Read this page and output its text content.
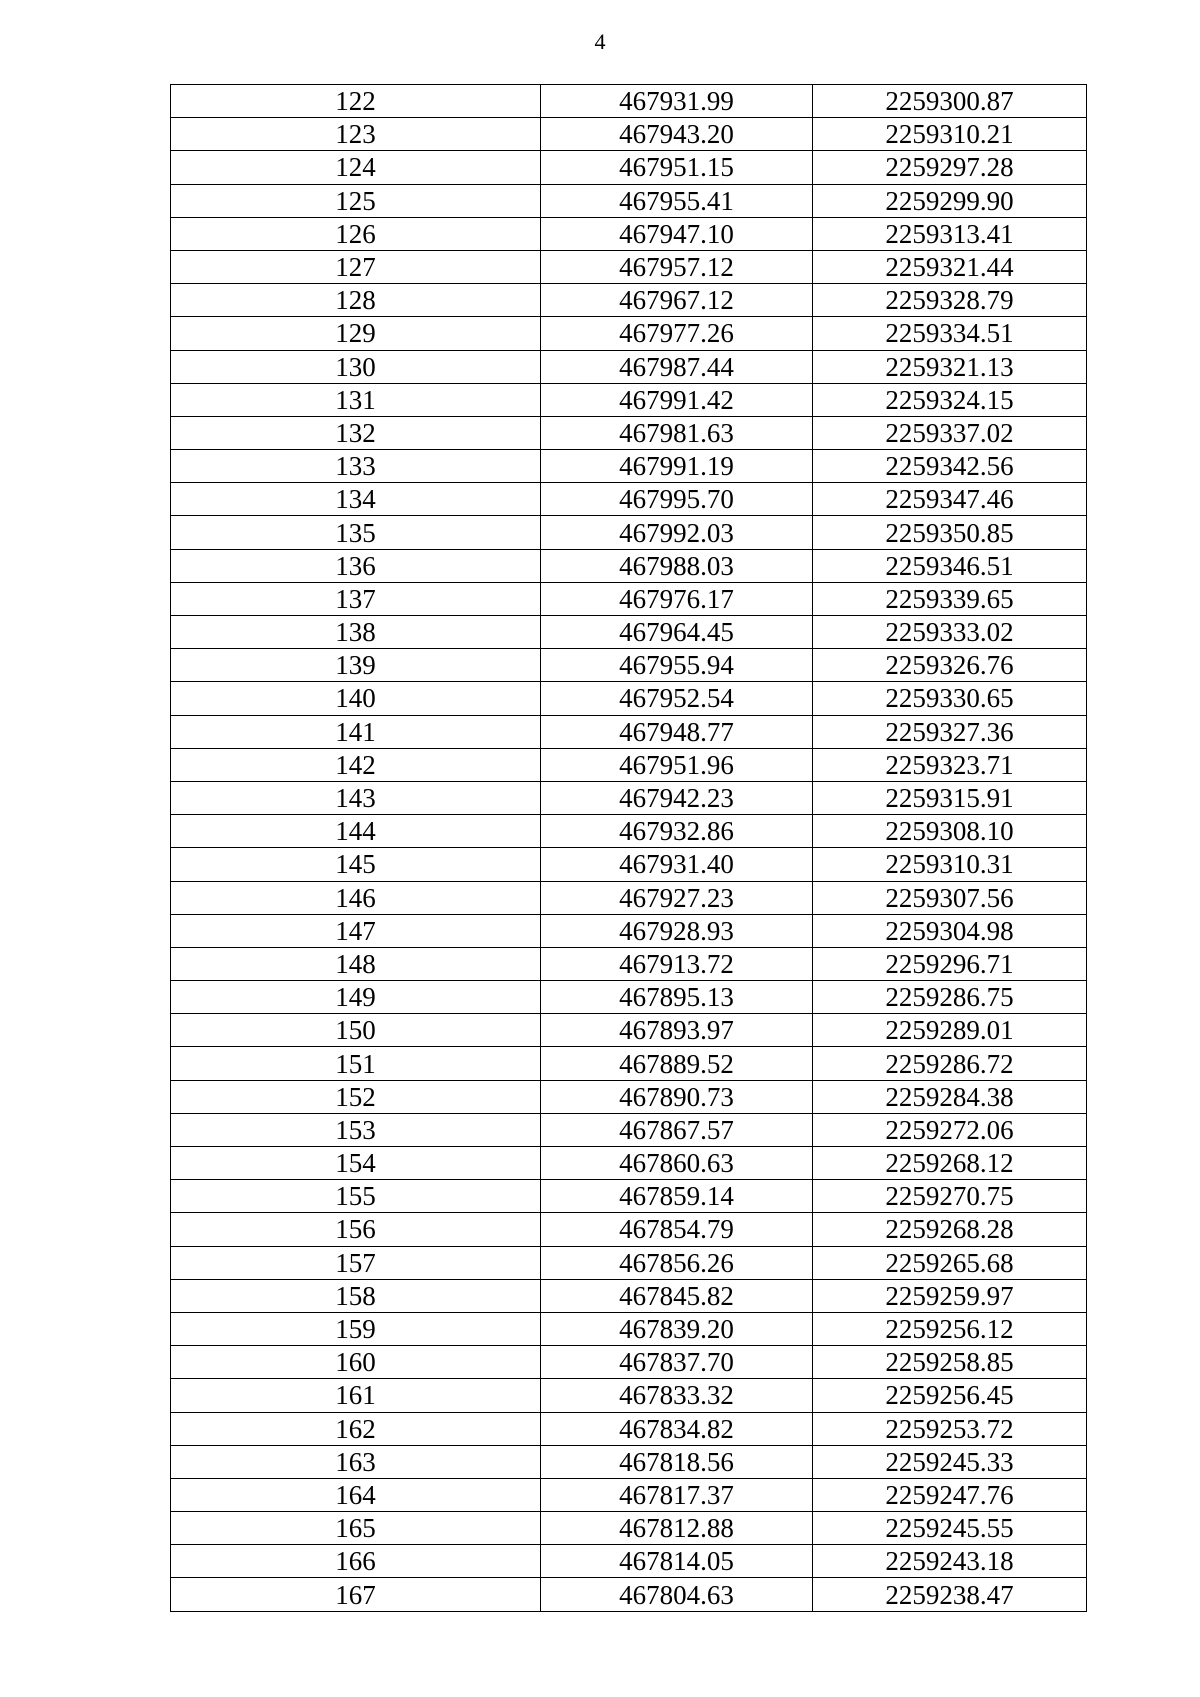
4
122	467931.99	2259300.87
123	467943.20	2259310.21
124	467951.15	2259297.28
125	467955.41	2259299.90
126	467947.10	2259313.41
127	467957.12	2259321.44
128	467967.12	2259328.79
129	467977.26	2259334.51
130	467987.44	2259321.13
131	467991.42	2259324.15
132	467981.63	2259337.02
133	467991.19	2259342.56
134	467995.70	2259347.46
135	467992.03	2259350.85
136	467988.03	2259346.51
137	467976.17	2259339.65
138	467964.45	2259333.02
139	467955.94	2259326.76
140	467952.54	2259330.65
141	467948.77	2259327.36
142	467951.96	2259323.71
143	467942.23	2259315.91
144	467932.86	2259308.10
145	467931.40	2259310.31
146	467927.23	2259307.56
147	467928.93	2259304.98
148	467913.72	2259296.71
149	467895.13	2259286.75
150	467893.97	2259289.01
151	467889.52	2259286.72
152	467890.73	2259284.38
153	467867.57	2259272.06
154	467860.63	2259268.12
155	467859.14	2259270.75
156	467854.79	2259268.28
157	467856.26	2259265.68
158	467845.82	2259259.97
159	467839.20	2259256.12
160	467837.70	2259258.85
161	467833.32	2259256.45
162	467834.82	2259253.72
163	467818.56	2259245.33
164	467817.37	2259247.76
165	467812.88	2259245.55
166	467814.05	2259243.18
167	467804.63	2259238.47
